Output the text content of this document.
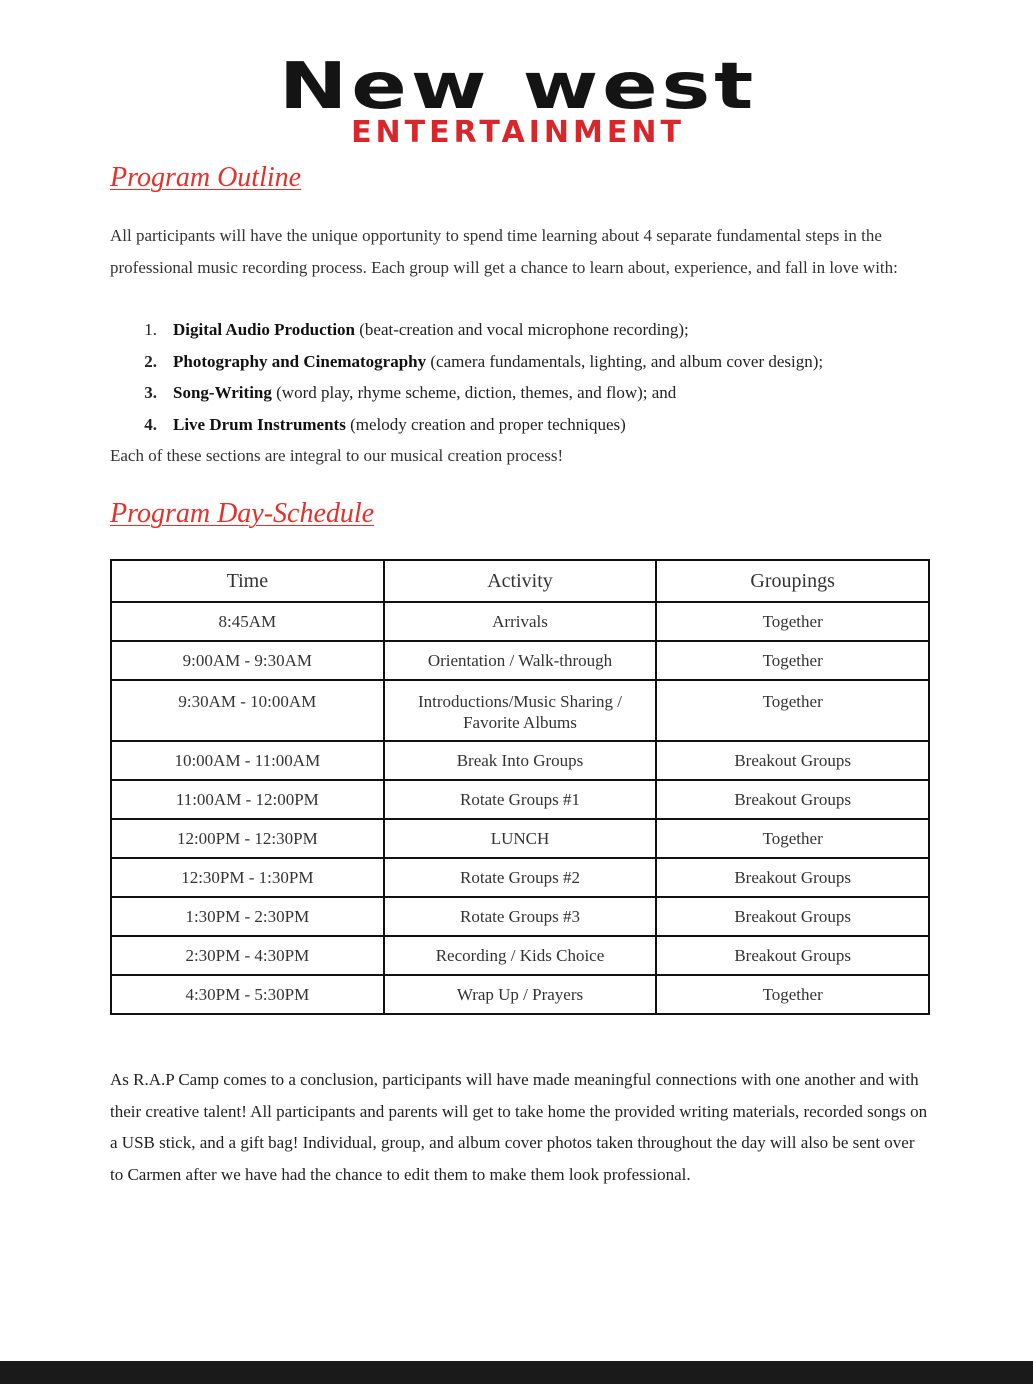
New west
ENTERTAINMENT
Program Outline
All participants will have the unique opportunity to spend time learning about 4 separate fundamental steps in the professional music recording process. Each group will get a chance to learn about, experience, and fall in love with:
1. Digital Audio Production (beat-creation and vocal microphone recording);
2. Photography and Cinematography (camera fundamentals, lighting, and album cover design);
3. Song-Writing (word play, rhyme scheme, diction, themes, and flow); and
4. Live Drum Instruments (melody creation and proper techniques)
Each of these sections are integral to our musical creation process!
Program Day-Schedule
Time	Activity	Groupings
8:45AM	Arrivals	Together
9:00AM - 9:30AM	Orientation / Walk-through	Together
9:30AM - 10:00AM	Introductions/Music Sharing / Favorite Albums	Together
10:00AM - 11:00AM	Break Into Groups	Breakout Groups
11:00AM - 12:00PM	Rotate Groups #1	Breakout Groups
12:00PM - 12:30PM	LUNCH	Together
12:30PM - 1:30PM	Rotate Groups #2	Breakout Groups
1:30PM - 2:30PM	Rotate Groups #3	Breakout Groups
2:30PM - 4:30PM	Recording / Kids Choice	Breakout Groups
4:30PM - 5:30PM	Wrap Up / Prayers	Together
As R.A.P Camp comes to a conclusion, participants will have made meaningful connections with one another and with their creative talent! All participants and parents will get to take home the provided writing materials, recorded songs on a USB stick, and a gift bag! Individual, group, and album cover photos taken throughout the day will also be sent over to Carmen after we have had the chance to edit them to make them look professional.
